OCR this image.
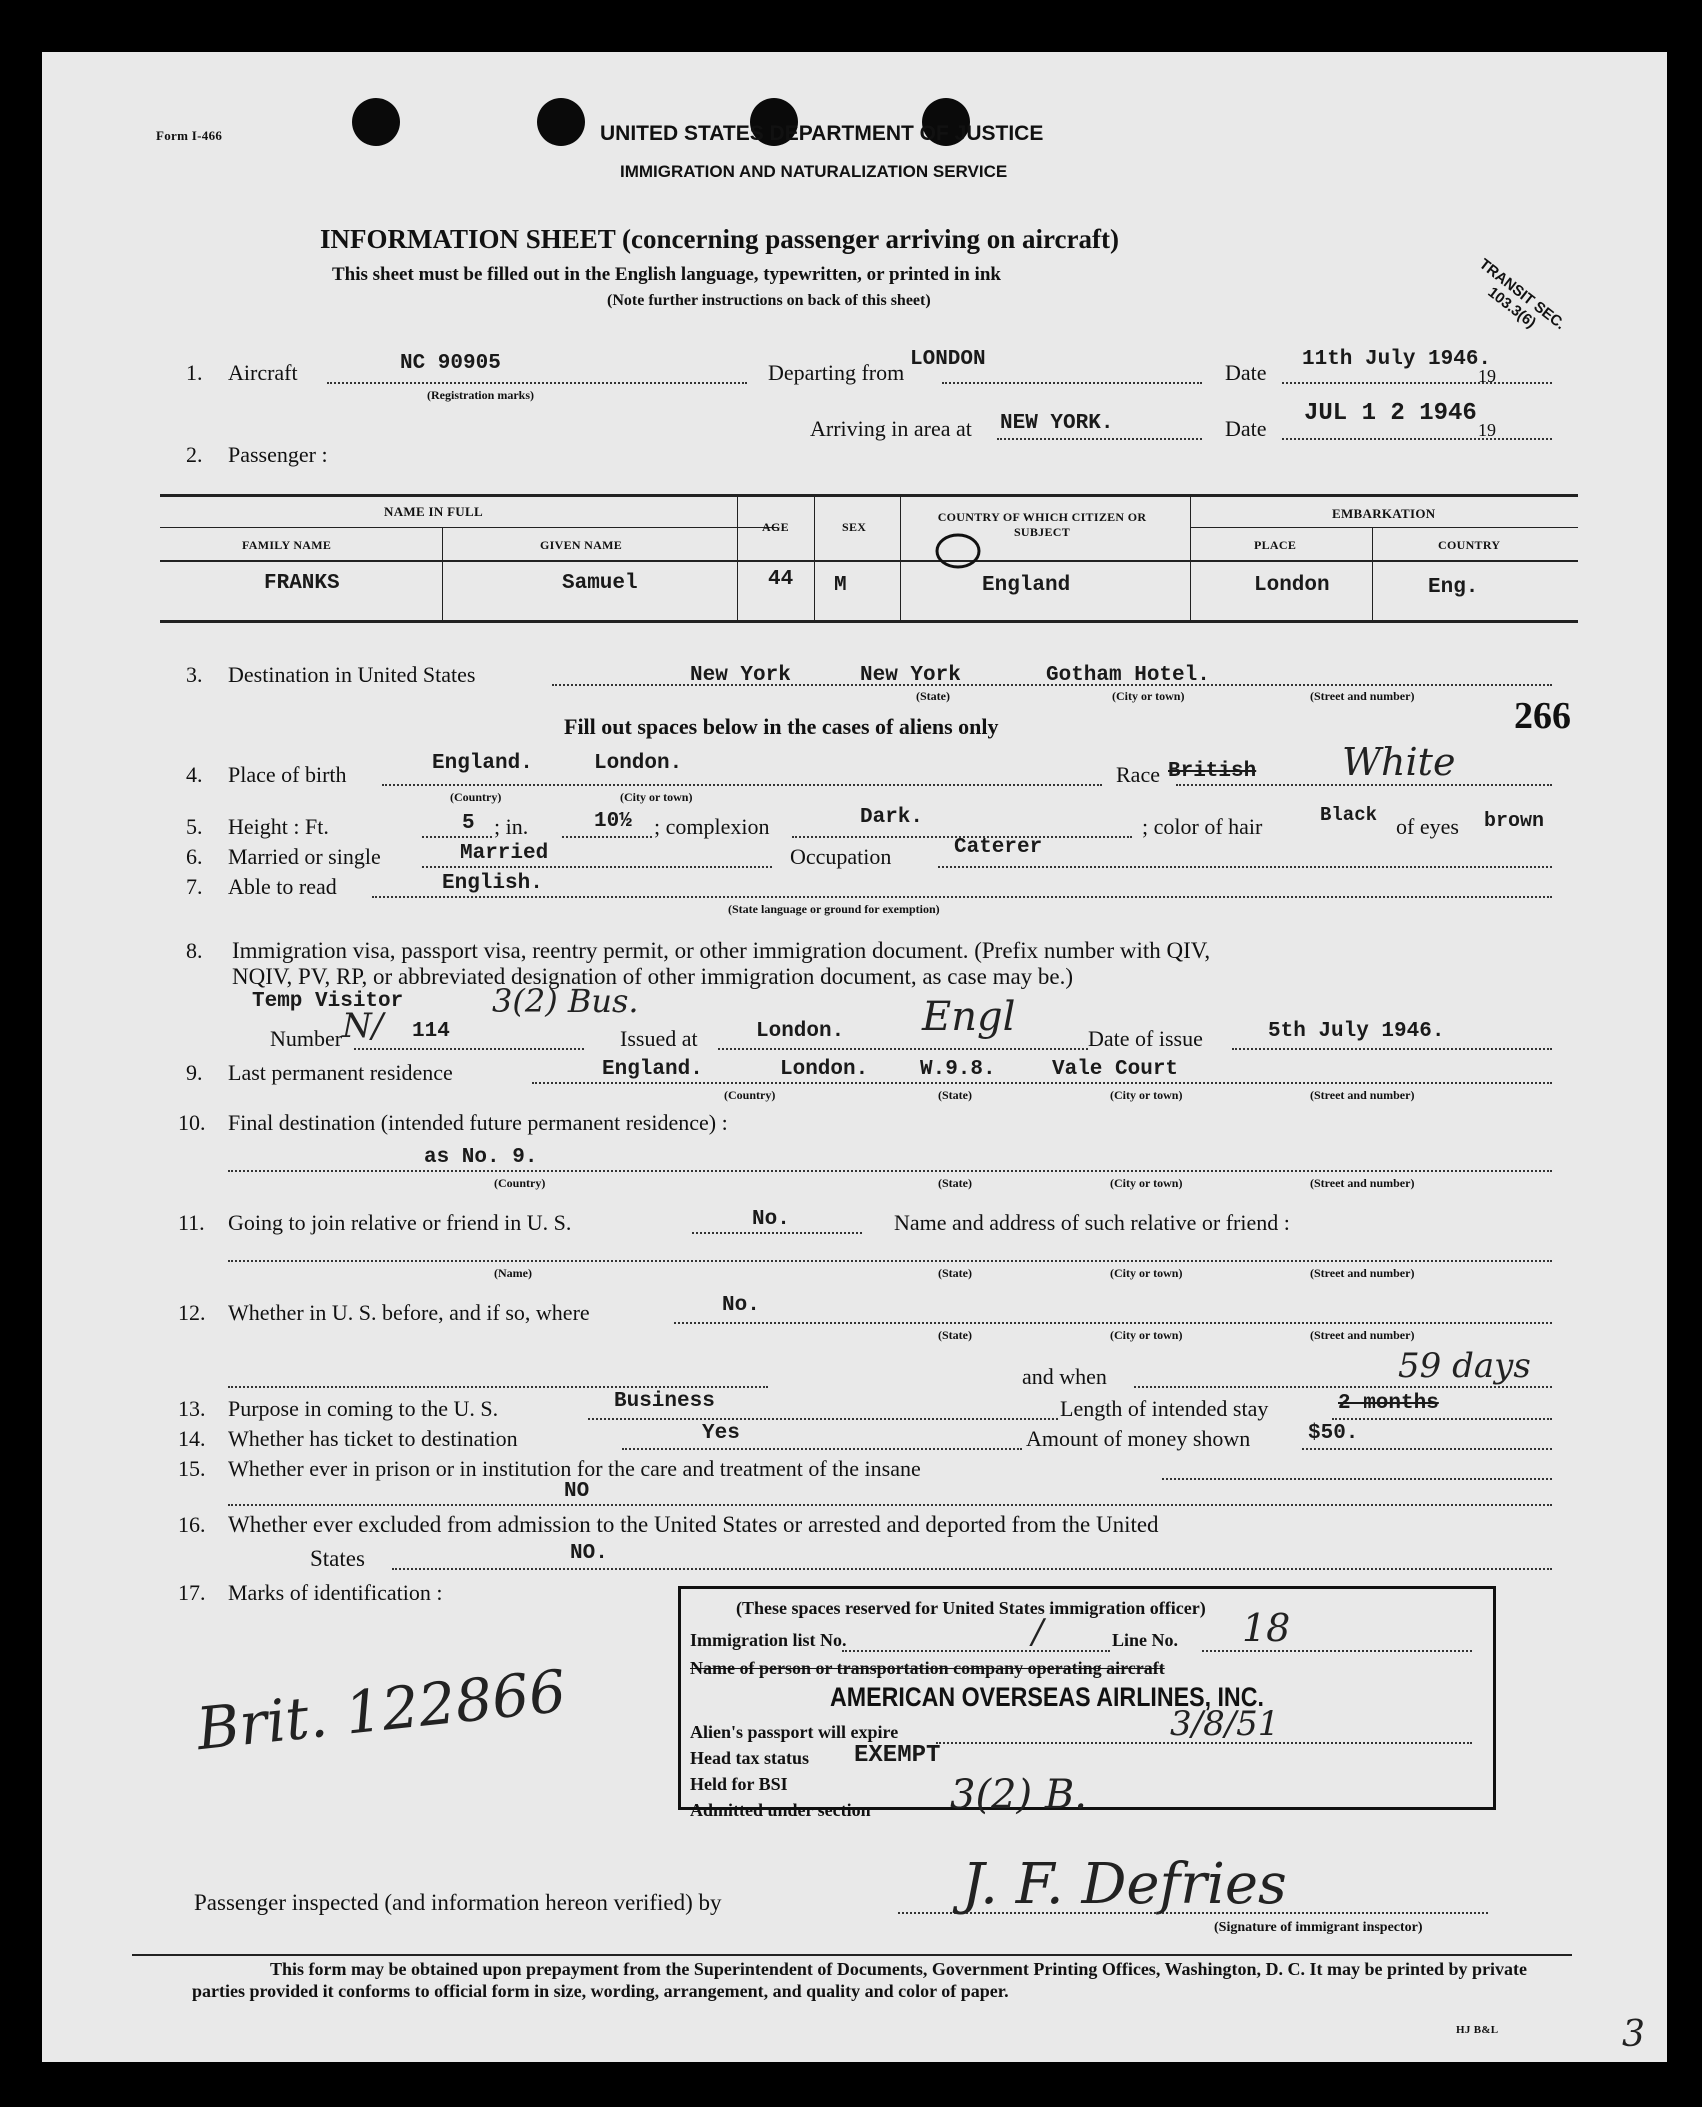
Form I-466	UNITED STATES DEPARTMENT OF JUSTICE
IMMIGRATION AND NATURALIZATION SERVICE
INFORMATION SHEET (concerning passenger arriving on aircraft)
This sheet must be filled out in the English language, typewritten, or printed in ink
(Note further instructions on back of this sheet)	TRANSIT SEC. 103.3(6)
1. Aircraft	NC 90905
(Registration marks)
Departing from
LONDON
Date
11th July 1946.
19
Arriving in area at NEW YORK.	Date
JUL 1 2 1946
19
2. Passenger :
NAME IN FULL
FAMILY NAME	GIVEN NAME
AGE	SEX
COUNTRY OF WHICH CITIZEN OR SUBJECT
EMBARKATION
PLACE	COUNTRY
FRANKS	Samuel	44 M	England	London	Eng.
3. Destination in United States	New York	New York	Gotham Hotel.
(State)	(City or town)	(Street and number)	266
Fill out spaces below in the cases of aliens only
4. Place of birth	England.	London.
(Country)	(City or town)
Race British White
5. Height : Ft.	5 ; in.	10½ ; complexion	Dark.	; color of hair	Black of eyes brown
6. Married or single	Married	Occupation	Caterer
7. Able to read	English.
(State language or ground for exemption)
8. Immigration visa, passport visa, reentry permit, or other immigration document. (Prefix number with QIV,
NQIV, PV, RP, or abbreviated designation of other immigration document, as case may be.)
Temp Visitor	3(2) Bus.
Number N/ 114	Issued at	London. Engl	Date of issue	5th July 1946.
9. Last permanent residence	England.	London. W.9.8.	Vale Court
(Country)	(State)	(City or town)	(Street and number)
10. Final destination (intended future permanent residence) :
as No. 9.
(Country)	(State)	(City or town)	(Street and number)
11. Going to join relative or friend in U. S.	No.	Name and address of such relative or friend :
(Name)	(State)	(City or town)	(Street and number)
12. Whether in U. S. before, and if so, where	No.
(State)	(City or town)	(Street and number)
and when	59 days
13. Purpose in coming to the U. S.	Business	Length of intended stay	2 months
14. Whether has ticket to destination	Yes	Amount of money shown	$50.
15. Whether ever in prison or in institution for the care and treatment of the insane
NO
16. Whether ever excluded from admission to the United States or arrested and deported from the United
States	NO.
17. Marks of identification :
Brit. 122866
(These spaces reserved for United States immigration officer)
Immigration list No.	/	Line No. 18
Name of person or transportation company operating aircraft
AMERICAN OVERSEAS AIRLINES, INC.
Alien's passport will expire	3/8/51
Head tax status EXEMPT
Held for BSI
Admitted under section 3(2) B.
Passenger inspected (and information hereon verified) by	J. F. Defries
(Signature of immigrant inspector)
This form may be obtained upon prepayment from the Superintendent of Documents, Government Printing Offices, Washington, D. C. It may be printed by private parties provided it conforms to official form in size, wording, arrangement, and quality and color of paper.
HJ B&L	3
